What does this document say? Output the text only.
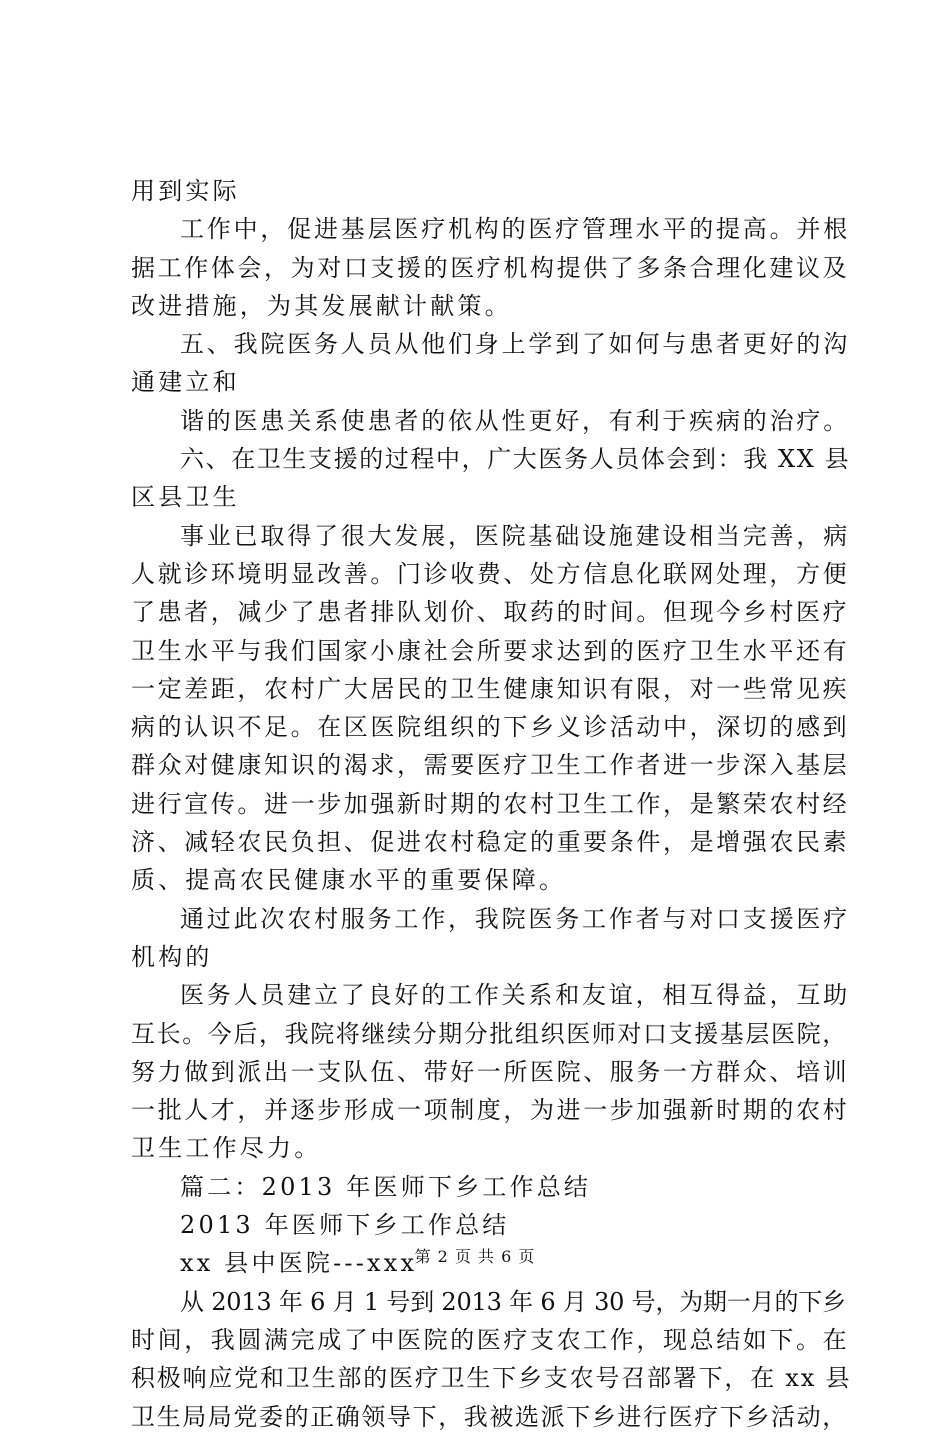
用到实际
工作中，促进基层医疗机构的医疗管理水平的提高。并根
据工作体会，为对口支援的医疗机构提供了多条合理化建议及
改进措施，为其发展献计献策。
五、我院医务人员从他们身上学到了如何与患者更好的沟
通建立和
谐的医患关系使患者的依从性更好，有利于疾病的治疗。
六、在卫生支援的过程中，广大医务人员体会到：我 XX 县
区县卫生
事业已取得了很大发展，医院基础设施建设相当完善，病
人就诊环境明显改善。门诊收费、处方信息化联网处理，方便
了患者，减少了患者排队划价、取药的时间。但现今乡村医疗
卫生水平与我们国家小康社会所要求达到的医疗卫生水平还有
一定差距，农村广大居民的卫生健康知识有限，对一些常见疾
病的认识不足。在区医院组织的下乡义诊活动中，深切的感到
群众对健康知识的渴求，需要医疗卫生工作者进一步深入基层
进行宣传。进一步加强新时期的农村卫生工作，是繁荣农村经
济、减轻农民负担、促进农村稳定的重要条件，是增强农民素
质、提高农民健康水平的重要保障。
通过此次农村服务工作，我院医务工作者与对口支援医疗
机构的
医务人员建立了良好的工作关系和友谊，相互得益，互助
互长。今后，我院将继续分期分批组织医师对口支援基层医院，
努力做到派出一支队伍、带好一所医院、服务一方群众、培训
一批人才，并逐步形成一项制度，为进一步加强新时期的农村
卫生工作尽力。
篇二：2013 年医师下乡工作总结
2013 年医师下乡工作总结
xx 县中医院---xxx
从 2013 年 6 月 1 号到 2013 年 6 月 30 号，为期一月的下乡
时间，我圆满完成了中医院的医疗支农工作，现总结如下。在
积极响应党和卫生部的医疗卫生下乡支农号召部署下，在 xx 县
卫生局局党委的正确领导下，我被选派下乡进行医疗下乡活动，
第 2 页 共 6 页
